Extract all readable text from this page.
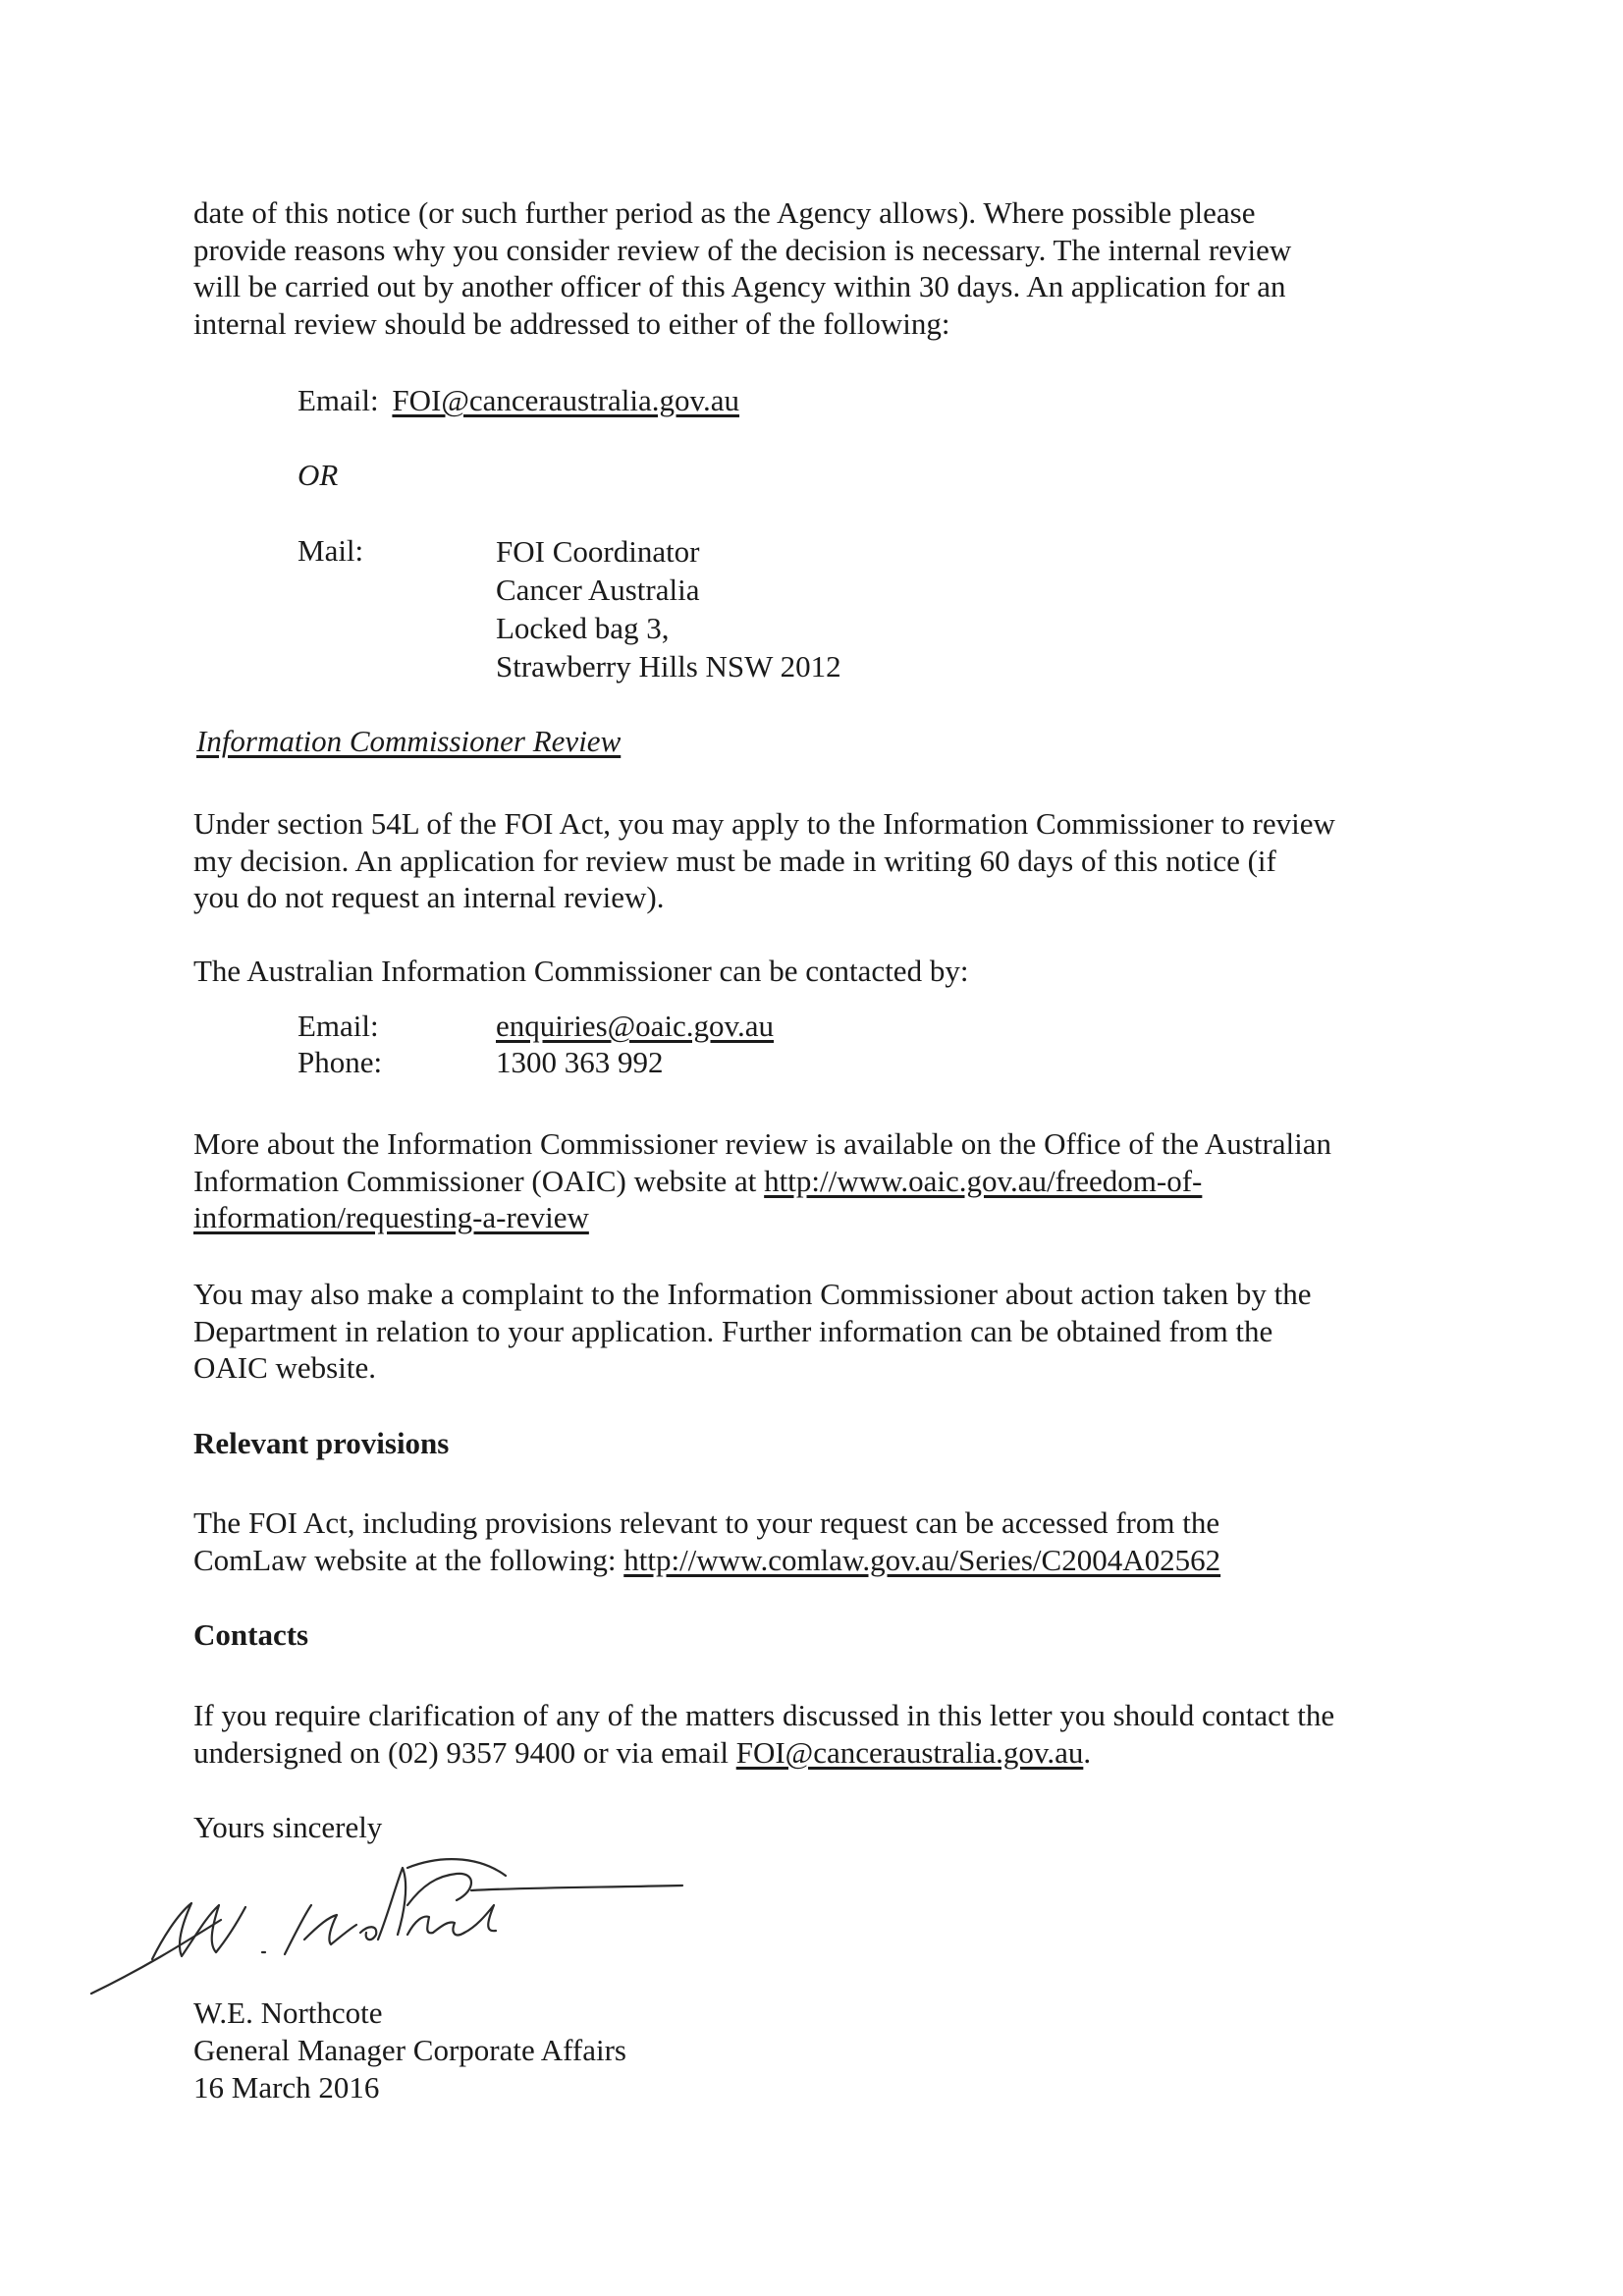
date of this notice (or such further period as the Agency allows). Where possible please
provide reasons why you consider review of the decision is necessary. The internal review
will be carried out by another officer of this Agency within 30 days. An application for an
internal review should be addressed to either of the following:
Email: FOI@canceraustralia.gov.au
OR
Mail:	FOI Coordinator
Cancer Australia
Locked bag 3,
Strawberry Hills NSW 2012
Information Commissioner Review
Under section 54L of the FOI Act, you may apply to the Information Commissioner to review
my decision. An application for review must be made in writing 60 days of this notice (if
you do not request an internal review).
The Australian Information Commissioner can be contacted by:
Email:	enquiries@oaic.gov.au
Phone:	1300 363 992
More about the Information Commissioner review is available on the Office of the Australian
Information Commissioner (OAIC) website at http://www.oaic.gov.au/freedom-of-
information/requesting-a-review
You may also make a complaint to the Information Commissioner about action taken by the
Department in relation to your application. Further information can be obtained from the
OAIC website.
Relevant provisions
The FOI Act, including provisions relevant to your request can be accessed from the
ComLaw website at the following: http://www.comlaw.gov.au/Series/C2004A02562
Contacts
If you require clarification of any of the matters discussed in this letter you should contact the
undersigned on (02) 9357 9400 or via email FOI@canceraustralia.gov.au.
Yours sincerely
W.E. Northcote
General Manager Corporate Affairs
16 March 2016
